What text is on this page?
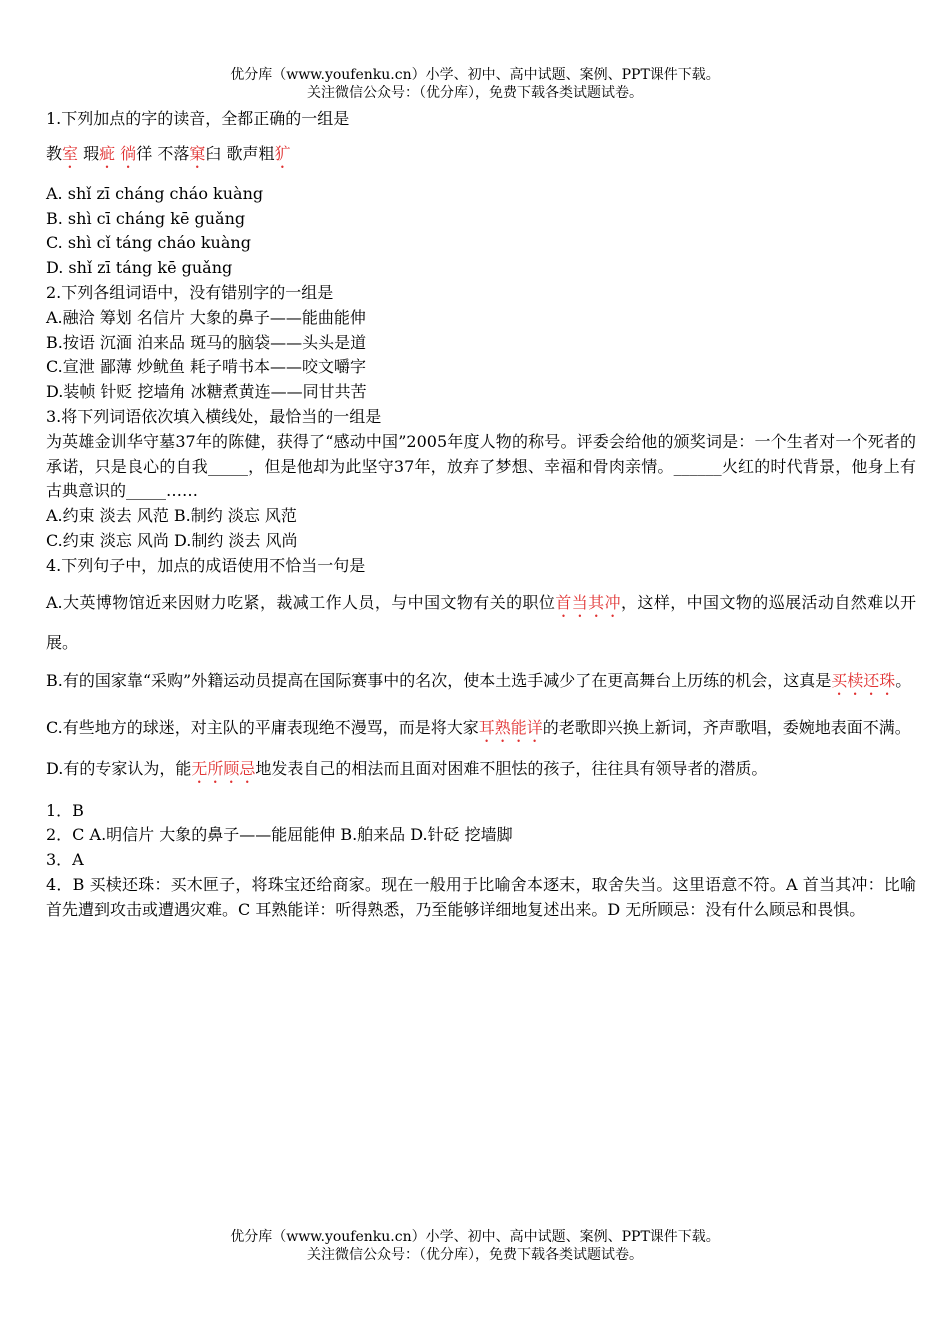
优分库（www.youfenku.cn）小学、初中、高中试题、案例、PPT课件下载。
关注微信公众号：（优分库），免费下载各类试题试卷。
1.下列加点的字的读音，全都正确的一组是
教室 瑕疵 徜徉 不落窠臼 歌声粗犷
A. shǐ zī cháng cháo kuàng
B. shì cī cháng kē guǎng
C. shì cǐ táng cháo kuàng
D. shǐ zī táng kē guǎng
2.下列各组词语中，没有错别字的一组是
A.融洽 筹划 名信片 大象的鼻子——能曲能伸
B.按语 沉湎 泊来品 斑马的脑袋——头头是道
C.宣泄 鄙薄 炒鱿鱼 耗子啃书本——咬文嚼字
D.装帧 针贬 挖墙角 冰糖煮黄连——同甘共苦
3.将下列词语依次填入横线处，最恰当的一组是
为英雄金训华守墓37年的陈健，获得了“感动中国”2005年度人物的称号。评委会给他的颁奖词是：一个生者对一个死者的承诺，只是良心的自我_____，但是他却为此坚守37年，放弃了梦想、幸福和骨肉亲情。______火红的时代背景，他身上有古典意识的_____……
A.约束 淡去 风范 B.制约 淡忘 风范
C.约束 淡忘 风尚 D.制约 淡去 风尚
4.下列句子中，加点的成语使用不恰当一句是
A.大英博物馆近来因财力吃紧，裁减工作人员，与中国文物有关的职位首当其冲，这样，中国文物的巡展活动自然难以开展。
B.有的国家靠“采购”外籍运动员提高在国际赛事中的名次，使本土选手减少了在更高舞台上历练的机会，这真是买椟还珠。
C.有些地方的球迷，对主队的平庸表现绝不漫骂，而是将大家耳熟能详的老歌即兴换上新词，齐声歌唱，委婉地表面不满。
D.有的专家认为，能无所顾忌地发表自己的相法而且面对困难不胆怯的孩子，往往具有领导者的潜质。
1．B
2．C A.明信片 大象的鼻子——能屈能伸 B.舶来品 D.针砭 挖墙脚
3．A
4．B 买椟还珠：买木匣子，将珠宝还给商家。现在一般用于比喻舍本逐末，取舍失当。这里语意不符。A 首当其冲：比喻首先遭到攻击或遭遇灾难。C 耳熟能详：听得熟悉，乃至能够详细地复述出来。D 无所顾忌：没有什么顾忌和畏惧。
优分库（www.youfenku.cn）小学、初中、高中试题、案例、PPT课件下载。
关注微信公众号：（优分库），免费下载各类试题试卷。
